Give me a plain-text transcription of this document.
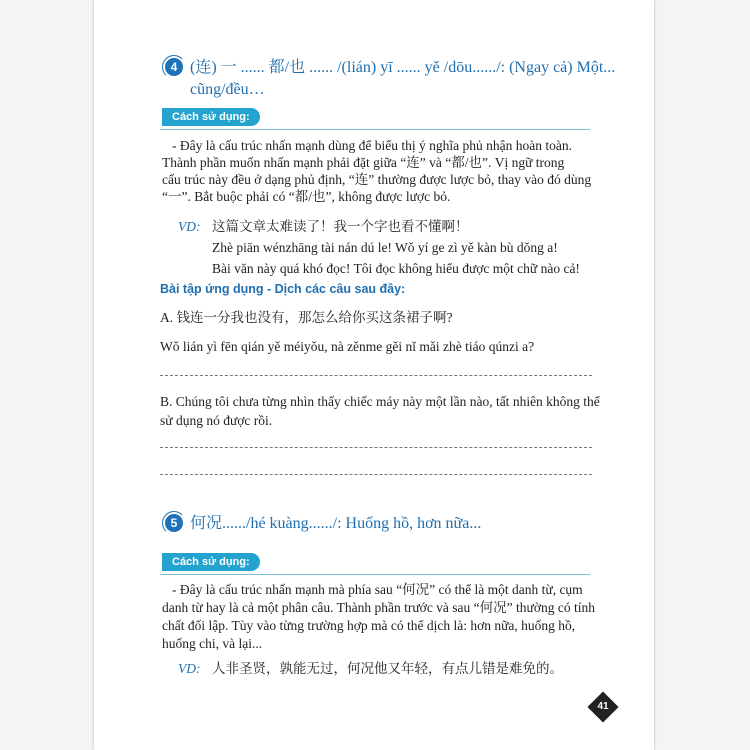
4 (连) 一 ...... 都/也 ...... /(lián) yī ...... yě /dōu....../: (Ngay cả) Một...
cũng/đều…
Cách sử dụng:
- Đây là cấu trúc nhấn mạnh dùng để biểu thị ý nghĩa phủ nhận hoàn toàn.
Thành phần muốn nhấn mạnh phải đặt giữa “连” và “都/也”. Vị ngữ trong
cấu trúc này đều ở dạng phủ định, “连” thường được lược bỏ, thay vào đó dùng
“一”. Bắt buộc phải có “都/也”, không được lược bỏ.
VD: 这篇文章太难读了！我一个字也看不懂啊！
Zhè piān wénzhāng tài nán dú le! Wǒ yí ge zì yě kàn bù dǒng a!
Bài văn này quá khó đọc! Tôi đọc không hiểu được một chữ nào cả!
Bài tập ứng dụng - Dịch các câu sau đây:
A. 钱连一分我也没有，那怎么给你买这条裙子啊?
Wǒ lián yì fēn qián yě méiyǒu, nà zěnme gěi nǐ mǎi zhè tiáo qúnzi a?
B. Chúng tôi chưa từng nhìn thấy chiếc máy này một lần nào, tất nhiên không thể
sử dụng nó được rồi.
5 何况....../hé kuàng....../: Huống hồ, hơn nữa...
Cách sử dụng:
- Đây là cấu trúc nhấn mạnh mà phía sau “何况” có thể là một danh từ, cụm
danh từ hay là cả một phân câu. Thành phần trước và sau “何况” thường có tính
chất đối lập. Tùy vào từng trường hợp mà có thể dịch là: hơn nữa, huống hồ,
huống chi, và lại...
VD: 人非圣贤，孰能无过，何况他又年轻，有点儿错是难免的。
41
